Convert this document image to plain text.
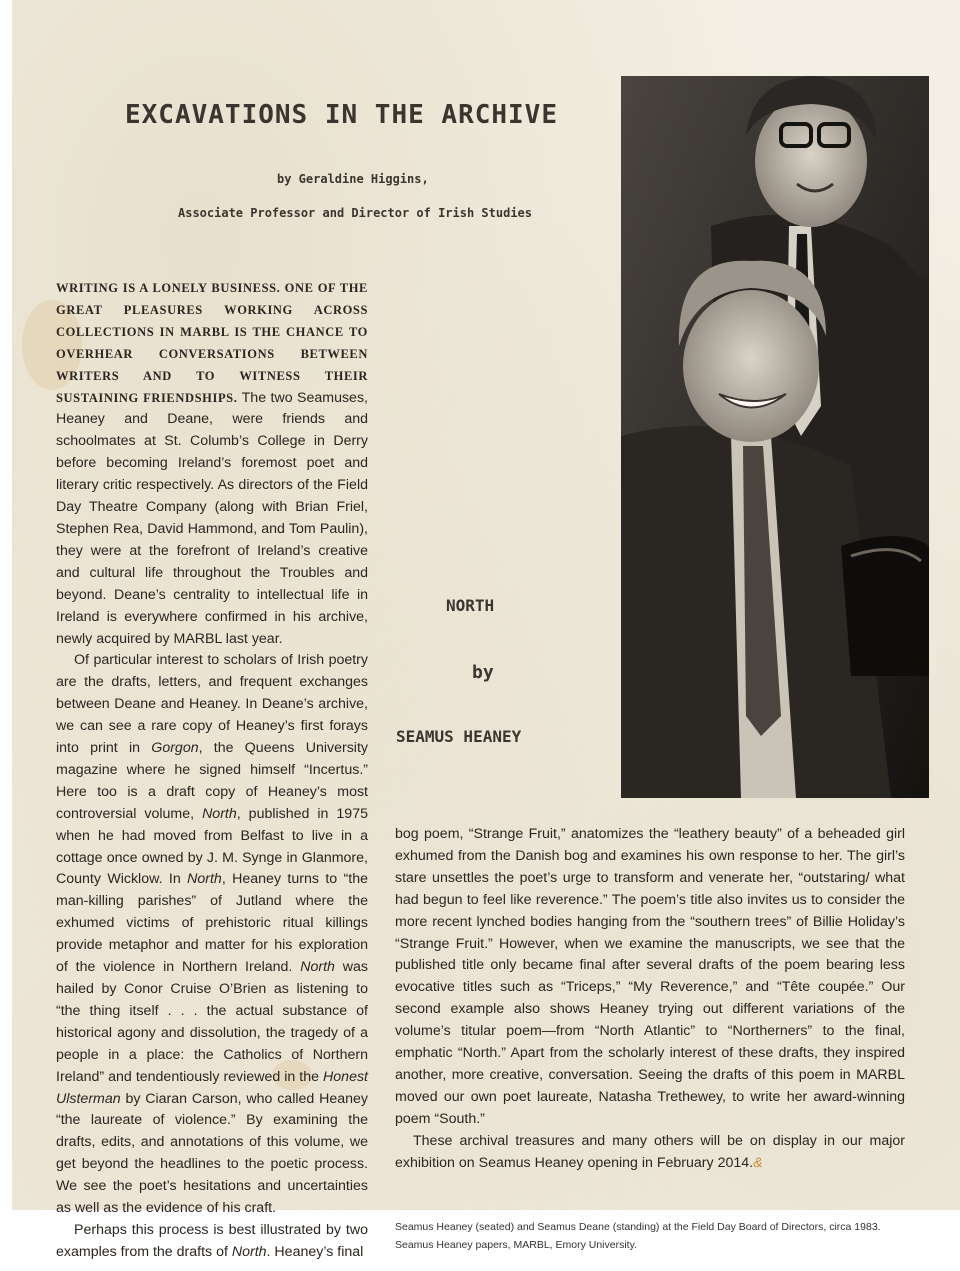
EXCAVATIONS IN THE ARCHIVE
by Geraldine Higgins,
Associate Professor and Director of Irish Studies

WRITING IS A LONELY BUSINESS. ONE OF THE GREAT PLEASURES WORKING ACROSS COLLECTIONS IN MARBL IS THE CHANCE TO OVERHEAR CONVERSATIONS BETWEEN WRITERS AND TO WITNESS THEIR SUSTAINING FRIENDSHIPS. The two Seamuses, Heaney and Deane, were friends and schoolmates at St. Columb’s College in Derry before becoming Ireland’s foremost poet and literary critic respectively. As directors of the Field Day Theatre Company (along with Brian Friel, Stephen Rea, David Hammond, and Tom Paulin), they were at the forefront of Ireland’s creative and cultural life throughout the Troubles and beyond. Deane’s centrality to intellectual life in Ireland is everywhere confirmed in his archive, newly acquired by MARBL last year.

Of particular interest to scholars of Irish poetry are the drafts, letters, and frequent exchanges between Deane and Heaney. In Deane’s archive, we can see a rare copy of Heaney’s first forays into print in Gorgon, the Queens University magazine where he signed himself “Incertus.” Here too is a draft copy of Heaney’s most controversial volume, North, published in 1975 when he had moved from Belfast to live in a cottage once owned by J. M. Synge in Glanmore, County Wicklow. In North, Heaney turns to “the man-killing parishes” of Jutland where the exhumed victims of prehistoric ritual killings provide metaphor and matter for his exploration of the violence in Northern Ireland. North was hailed by Conor Cruise O’Brien as listening to “the thing itself . . . the actual substance of historical agony and dissolution, the tragedy of a people in a place: the Catholics of Northern Ireland” and tendentiously reviewed in the Honest Ulsterman by Ciaran Carson, who called Heaney “the laureate of violence.” By examining the drafts, edits, and annotations of this volume, we get beyond the headlines to the poetic process. We see the poet’s hesitations and uncertainties as well as the evidence of his craft.

Perhaps this process is best illustrated by two examples from the drafts of North. Heaney’s final

NORTH
by
SEAMUS HEANEY

bog poem, “Strange Fruit,” anatomizes the “leathery beauty” of a beheaded girl exhumed from the Danish bog and examines his own response to her. The girl’s stare unsettles the poet’s urge to transform and venerate her, “outstaring/ what had begun to feel like reverence.” The poem’s title also invites us to consider the more recent lynched bodies hanging from the “southern trees” of Billie Holiday’s “Strange Fruit.” However, when we examine the manuscripts, we see that the published title only became final after several drafts of the poem bearing less evocative titles such as “Triceps,” “My Reverence,” and “Tête coupée.” Our second example also shows Heaney trying out different variations of the volume’s titular poem—from “North Atlantic” to “Northerners” to the final, emphatic “North.” Apart from the scholarly interest of these drafts, they inspired another, more creative, conversation. Seeing the drafts of this poem in MARBL moved our own poet laureate, Natasha Trethewey, to write her award-winning poem “South.”

These archival treasures and many others will be on display in our major exhibition on Seamus Heaney opening in February 2014.&

Seamus Heaney (seated) and Seamus Deane (standing) at the Field Day Board of Directors, circa 1983.
Seamus Heaney papers, MARBL, Emory University.
